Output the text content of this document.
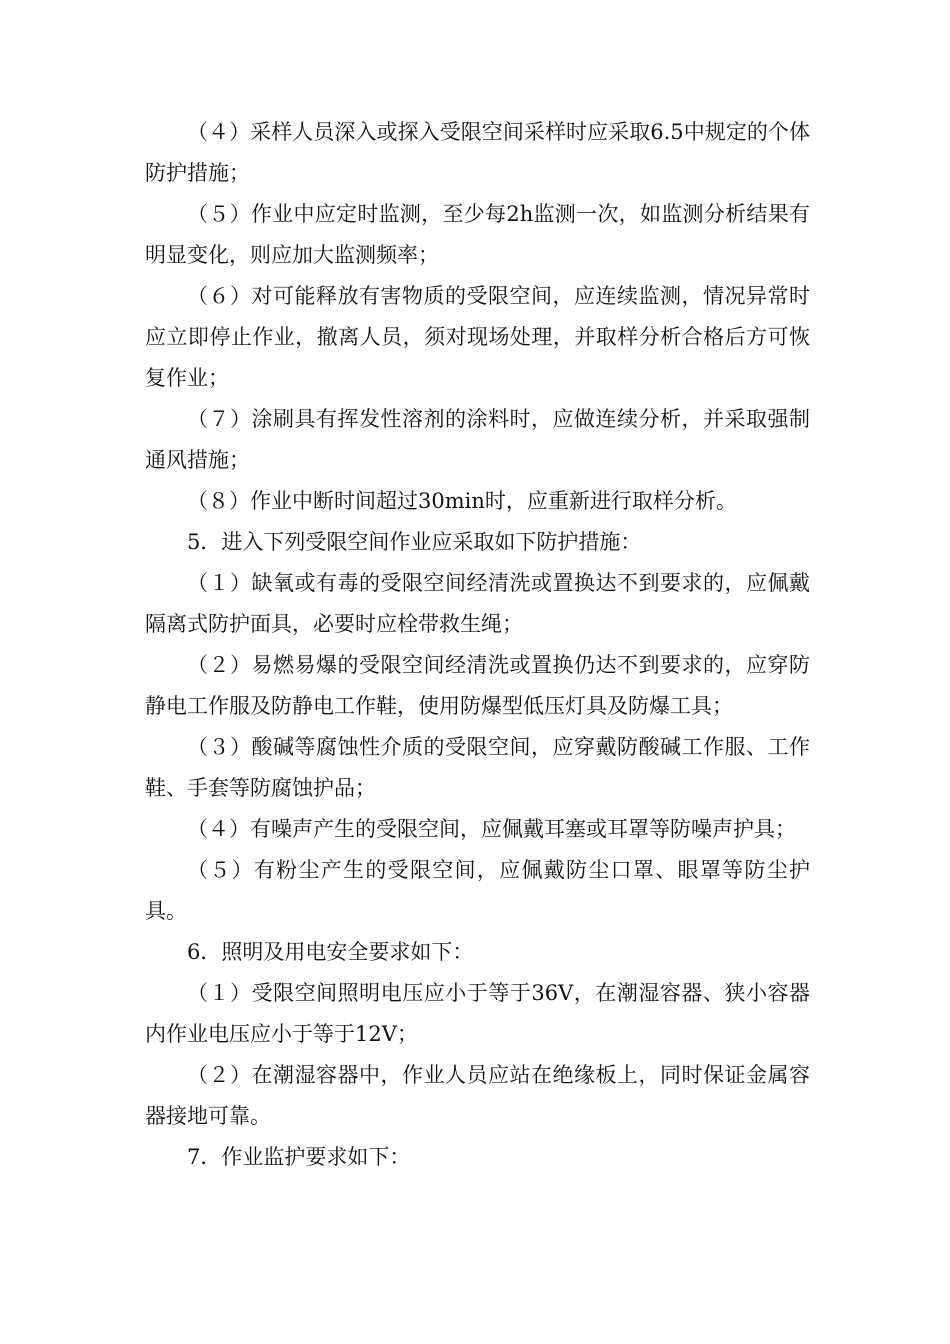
（４）采样人员深入或探入受限空间采样时应采取6.5中规定的个体防护措施；

（５）作业中应定时监测，至少每2h监测一次，如监测分析结果有明显变化，则应加大监测频率；

（６）对可能释放有害物质的受限空间，应连续监测，情况异常时应立即停止作业，撤离人员，须对现场处理，并取样分析合格后方可恢复作业；

（７）涂刷具有挥发性溶剂的涂料时，应做连续分析，并采取强制通风措施；

（８）作业中断时间超过30min时，应重新进行取样分析。

5．进入下列受限空间作业应采取如下防护措施：

（１）缺氧或有毒的受限空间经清洗或置换达不到要求的，应佩戴隔离式防护面具，必要时应栓带救生绳；

（２）易燃易爆的受限空间经清洗或置换仍达不到要求的，应穿防静电工作服及防静电工作鞋，使用防爆型低压灯具及防爆工具；

（３）酸碱等腐蚀性介质的受限空间，应穿戴防酸碱工作服、工作鞋、手套等防腐蚀护品；

（４）有噪声产生的受限空间，应佩戴耳塞或耳罩等防噪声护具；

（５）有粉尘产生的受限空间，应佩戴防尘口罩、眼罩等防尘护具。

6．照明及用电安全要求如下：

（１）受限空间照明电压应小于等于36V，在潮湿容器、狭小容器内作业电压应小于等于12V；

（２）在潮湿容器中，作业人员应站在绝缘板上，同时保证金属容器接地可靠。

7．作业监护要求如下：
